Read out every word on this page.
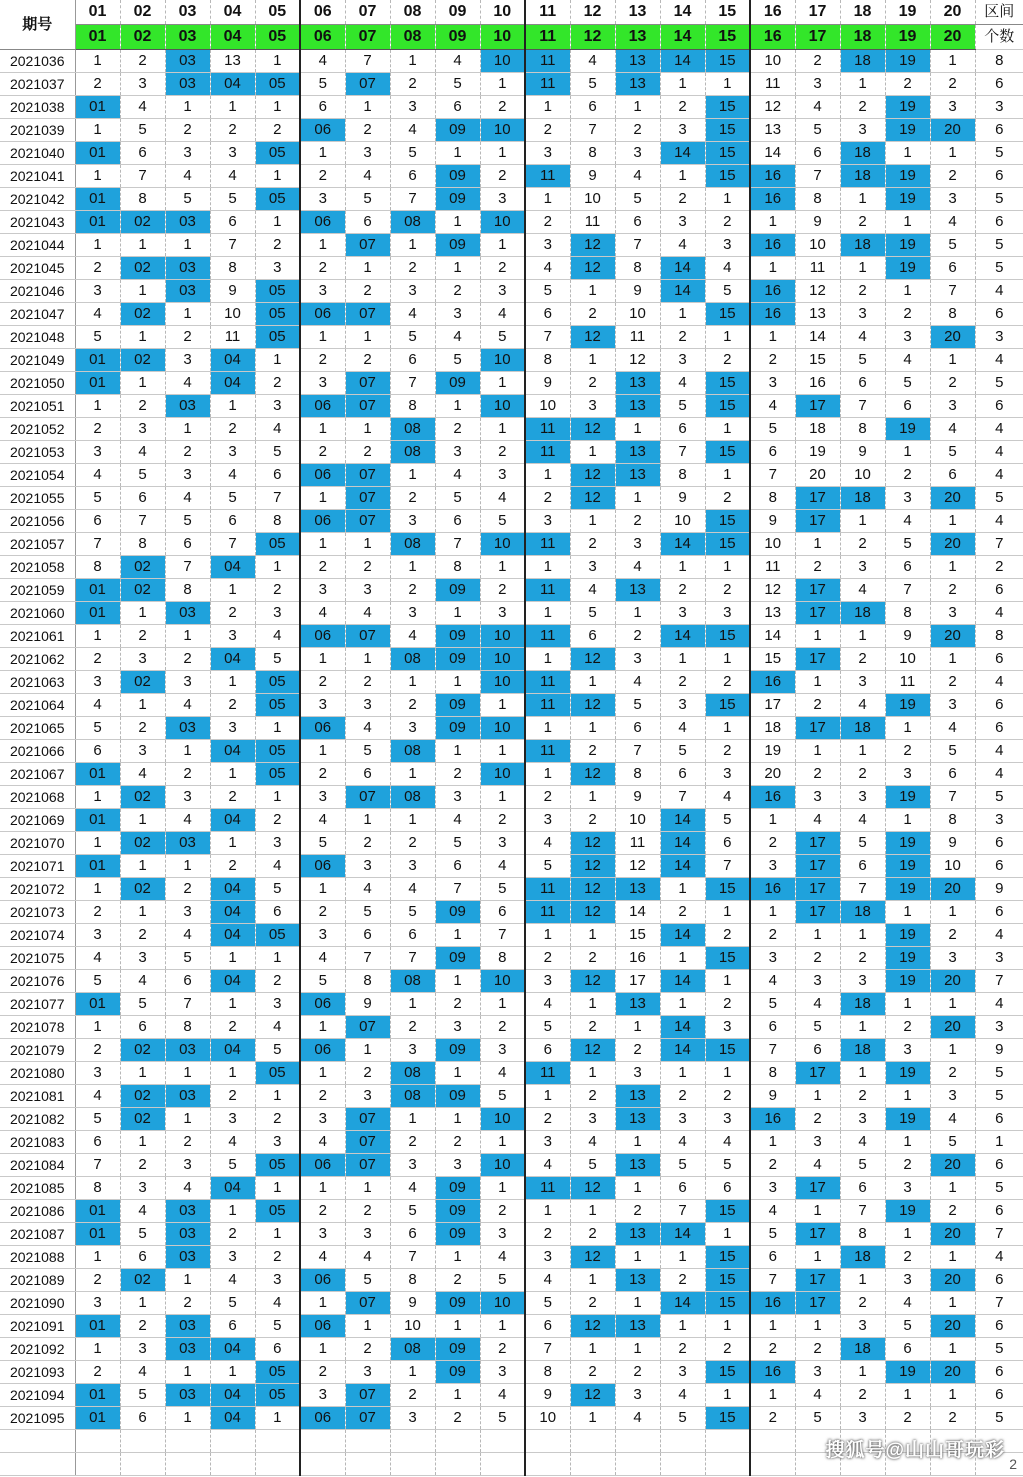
期号	01	02	03	04	05	06	07	08	09	10	11	12	13	14	15	16	17	18	19	20	区间
	01	02	03	04	05	06	07	08	09	10	11	12	13	14	15	16	17	18	19	20	个数
2021036	1	2	03	13	1	4	7	1	4	10	11	4	13	14	15	10	2	18	19	1	8
2021037	2	3	03	04	05	5	07	2	5	1	11	5	13	1	1	11	3	1	2	2	6
2021038	01	4	1	1	1	6	1	3	6	2	1	6	1	2	15	12	4	2	19	3	3
2021039	1	5	2	2	2	06	2	4	09	10	2	7	2	3	15	13	5	3	19	20	6
2021040	01	6	3	3	05	1	3	5	1	1	3	8	3	14	15	14	6	18	1	1	5
2021041	1	7	4	4	1	2	4	6	09	2	11	9	4	1	15	16	7	18	19	2	6
2021042	01	8	5	5	05	3	5	7	09	3	1	10	5	2	1	16	8	1	19	3	5
2021043	01	02	03	6	1	06	6	08	1	10	2	11	6	3	2	1	9	2	1	4	6
2021044	1	1	1	7	2	1	07	1	09	1	3	12	7	4	3	16	10	18	19	5	5
2021045	2	02	03	8	3	2	1	2	1	2	4	12	8	14	4	1	11	1	19	6	5
2021046	3	1	03	9	05	3	2	3	2	3	5	1	9	14	5	16	12	2	1	7	4
2021047	4	02	1	10	05	06	07	4	3	4	6	2	10	1	15	16	13	3	2	8	6
2021048	5	1	2	11	05	1	1	5	4	5	7	12	11	2	1	1	14	4	3	20	3
2021049	01	02	3	04	1	2	2	6	5	10	8	1	12	3	2	2	15	5	4	1	4
2021050	01	1	4	04	2	3	07	7	09	1	9	2	13	4	15	3	16	6	5	2	5
2021051	1	2	03	1	3	06	07	8	1	10	10	3	13	5	15	4	17	7	6	3	6
2021052	2	3	1	2	4	1	1	08	2	1	11	12	1	6	1	5	18	8	19	4	4
2021053	3	4	2	3	5	2	2	08	3	2	11	1	13	7	15	6	19	9	1	5	4
2021054	4	5	3	4	6	06	07	1	4	3	1	12	13	8	1	7	20	10	2	6	4
2021055	5	6	4	5	7	1	07	2	5	4	2	12	1	9	2	8	17	18	3	20	5
2021056	6	7	5	6	8	06	07	3	6	5	3	1	2	10	15	9	17	1	4	1	4
2021057	7	8	6	7	05	1	1	08	7	10	11	2	3	14	15	10	1	2	5	20	7
2021058	8	02	7	04	1	2	2	1	8	1	1	3	4	1	1	11	2	3	6	1	2
2021059	01	02	8	1	2	3	3	2	09	2	11	4	13	2	2	12	17	4	7	2	6
2021060	01	1	03	2	3	4	4	3	1	3	1	5	1	3	3	13	17	18	8	3	4
2021061	1	2	1	3	4	06	07	4	09	10	11	6	2	14	15	14	1	1	9	20	8
2021062	2	3	2	04	5	1	1	08	09	10	1	12	3	1	1	15	17	2	10	1	6
2021063	3	02	3	1	05	2	2	1	1	10	11	1	4	2	2	16	1	3	11	2	4
2021064	4	1	4	2	05	3	3	2	09	1	11	12	5	3	15	17	2	4	19	3	6
2021065	5	2	03	3	1	06	4	3	09	10	1	1	6	4	1	18	17	18	1	4	6
2021066	6	3	1	04	05	1	5	08	1	1	11	2	7	5	2	19	1	1	2	5	4
2021067	01	4	2	1	05	2	6	1	2	10	1	12	8	6	3	20	2	2	3	6	4
2021068	1	02	3	2	1	3	07	08	3	1	2	1	9	7	4	16	3	3	19	7	5
2021069	01	1	4	04	2	4	1	1	4	2	3	2	10	14	5	1	4	4	1	8	3
2021070	1	02	03	1	3	5	2	2	5	3	4	12	11	14	6	2	17	5	19	9	6
2021071	01	1	1	2	4	06	3	3	6	4	5	12	12	14	7	3	17	6	19	10	6
2021072	1	02	2	04	5	1	4	4	7	5	11	12	13	1	15	16	17	7	19	20	9
2021073	2	1	3	04	6	2	5	5	09	6	11	12	14	2	1	1	17	18	1	1	6
2021074	3	2	4	04	05	3	6	6	1	7	1	1	15	14	2	2	1	1	19	2	4
2021075	4	3	5	1	1	4	7	7	09	8	2	2	16	1	15	3	2	2	19	3	3
2021076	5	4	6	04	2	5	8	08	1	10	3	12	17	14	1	4	3	3	19	20	7
2021077	01	5	7	1	3	06	9	1	2	1	4	1	13	1	2	5	4	18	1	1	4
2021078	1	6	8	2	4	1	07	2	3	2	5	2	1	14	3	6	5	1	2	20	3
2021079	2	02	03	04	5	06	1	3	09	3	6	12	2	14	15	7	6	18	3	1	9
2021080	3	1	1	1	05	1	2	08	1	4	11	1	3	1	1	8	17	1	19	2	5
2021081	4	02	03	2	1	2	3	08	09	5	1	2	13	2	2	9	1	2	1	3	5
2021082	5	02	1	3	2	3	07	1	1	10	2	3	13	3	3	16	2	3	19	4	6
2021083	6	1	2	4	3	4	07	2	2	1	3	4	1	4	4	1	3	4	1	5	1
2021084	7	2	3	5	05	06	07	3	3	10	4	5	13	5	5	2	4	5	2	20	6
2021085	8	3	4	04	1	1	1	4	09	1	11	12	1	6	6	3	17	6	3	1	5
2021086	01	4	03	1	05	2	2	5	09	2	1	1	2	7	15	4	1	7	19	2	6
2021087	01	5	03	2	1	3	3	6	09	3	2	2	13	14	1	5	17	8	1	20	7
2021088	1	6	03	3	2	4	4	7	1	4	3	12	1	1	15	6	1	18	2	1	4
2021089	2	02	1	4	3	06	5	8	2	5	4	1	13	2	15	7	17	1	3	20	6
2021090	3	1	2	5	4	1	07	9	09	10	5	2	1	14	15	16	17	2	4	1	7
2021091	01	2	03	6	5	06	1	10	1	1	6	12	13	1	1	1	1	3	5	20	6
2021092	1	3	03	04	6	1	2	08	09	2	7	1	1	2	2	2	2	18	6	1	5
2021093	2	4	1	1	05	2	3	1	09	3	8	2	2	3	15	16	3	1	19	20	6
2021094	01	5	03	04	05	3	07	2	1	4	9	12	3	4	1	1	4	2	1	1	6
2021095	01	6	1	04	1	06	07	3	2	5	10	1	4	5	15	2	5	3	2	2	5

搜狐号@山山哥玩彩
2
